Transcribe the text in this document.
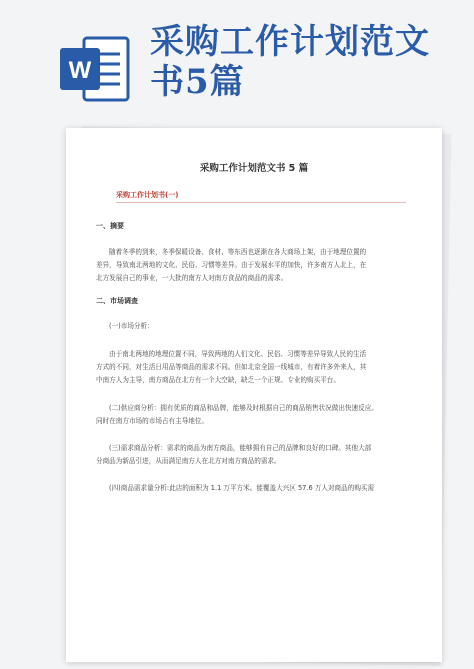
W
采购工作计划范文
书5篇
采购工作计划范文书 5 篇
采购工作计划书(一)
一、摘要
随着冬季的到来，冬季保暖设备、食材、等东西也逐渐在各大商场上架，由于地理位置的
差异，导致南北两地的文化、民俗、习惯等差异。由于发展水平的加快，许多南方人北上，在
北方发展自己的事业，一大批的南方人对南方食品的商品的需求。
二、市场调查
(一)市场分析：
由于南北两地的地理位置不同，导致两地的人们文化、民俗、习惯等差异导致人民的生活
方式的不同，对生活日用品等商品的需求不同。但如北京全国一线城市，有着许多外来人，其
中南方人为主导，南方商品在北方有一个大空缺，缺乏一个正规、专业的购买平台。
(二)供应商分析：拥有优质的商品和品牌，能够及时根据自己的商品销售状况做出快速反应。
同时在南方市场的市场占有主导地位。
(三)需求商品分析：需求的商品为南方商品，能够拥有自己的品牌和良好的口碑。其他大部
分商品为新品引进，从而满足南方人在北方对南方商品的需求。
(四)商品需求量分析:此店的面积为 1.1 万平方米。能覆盖大兴区 57.6 万人对商品的购买需
